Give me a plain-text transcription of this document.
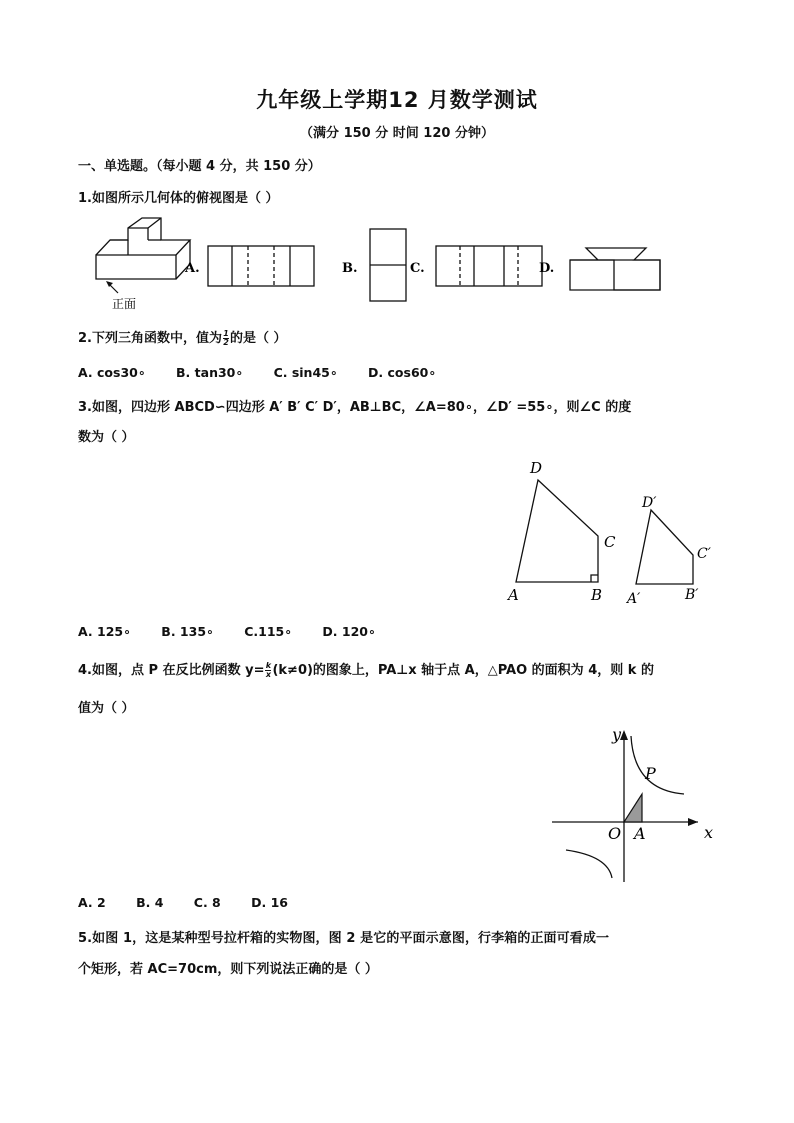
九年级上学期12 月数学测试
（满分 150 分 时间 120 分钟）
一、单选题。（每小题 4 分，共 150 分）
1.如图所示几何体的俯视图是（ ）
正面
A.	B.	C.	D.
2.下列三角函数中，值为 $\frac{1}{2}$ 的是（ ）
A. cos30∘ B. tan30∘ C. sin45∘ D. cos60∘
3.如图，四边形 ABCD∽四边形 A′ B′ C′ D′，AB⊥BC，∠A=80∘，∠D′ =55∘，则∠C 的度
数为（ ）
D
C
A	B
D′
C′
A′	B′
A. 125∘ B. 135∘ C.115∘ D. 120∘
4.如图，点 P 在反比例函数 $y= \frac{k}{x} (k\ne 0)$的图象上，PA⊥x 轴于点 A，△PAO 的面积为 4，则 k 的
值为（ ）
y
x
O A
P
A. 2 B. 4 C. 8 D. 16
5.如图 1，这是某种型号拉杆箱的实物图，图 2 是它的平面示意图，行李箱的正面可看成一
个矩形，若 AC=70cm，则下列说法正确的是（ ）
